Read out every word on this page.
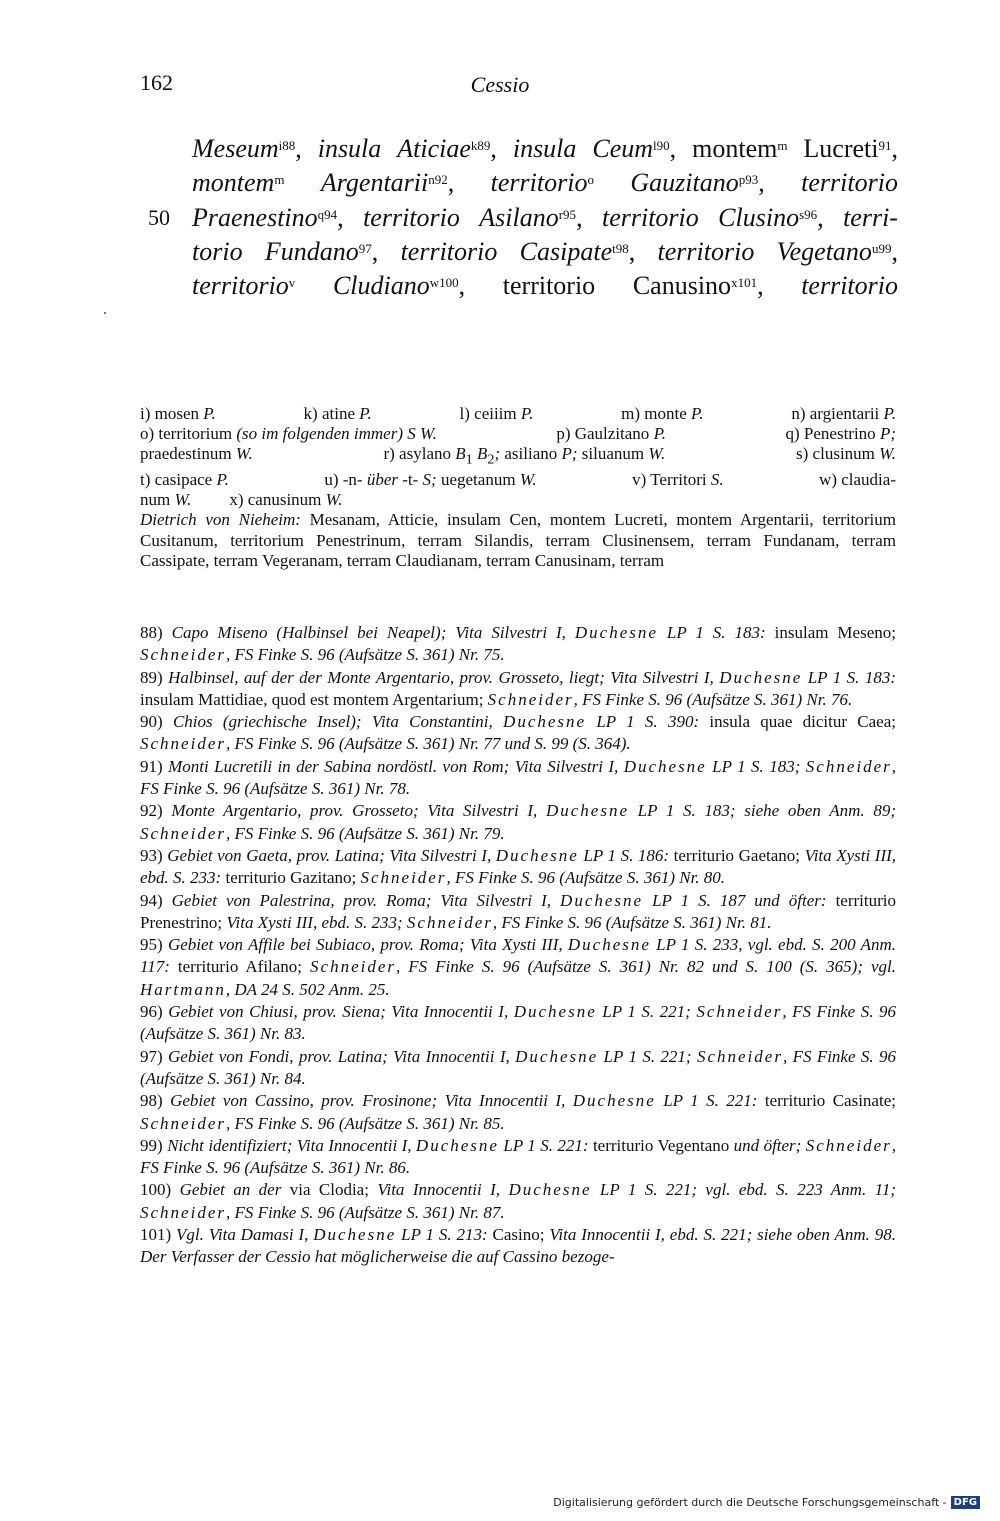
162	Cessio
50
Meseum$^{i88}$, insula Aticiae$^{k89}$, insula Ceum$^{l90}$, montem$^m$ Lucreti$^{91}$,
montem$^m$ Argentarii$^{n92}$, territorio$^o$ Gauzitano$^{p93}$, territorio
Praenestino$^{q94}$, territorio Asilano$^{r95}$, territorio Clusino$^{s96}$, terri-
torio Fundano$^{97}$, territorio Casipate$^{t98}$, territorio Vegetano$^{u99}$,
territorio$^v$ Cludiano$^{w100}$, territorio Canusino$^{x101}$, territorio
i) mosen P.	k) atine P.	l) ceiiim P.	m) monte P.	n) argientarii P.
o) territorium (so im folgenden immer) S W.	p) Gaulzitano P.	q) Penestrino P;
praedestinum W.	r) asylano $B_1$ $B_2$; asiliano P; siluanum W.	s) clusinum W.
t) casipace P.	u) -n- über -t- S; uegetanum W.	v) Territori S.	w) claudia-
num W. x) canusinum W.
Dietrich von Nieheim: Mesanam, Atticie, insulam Cen, montem Lucreti, montem Argentarii, territorium Cusitanum, territorium Penestrinum, terram Silandis, terram Clusinensem, terram Fundanam, terram Cassipate, terram Vegeranam, terram Claudianam, terram Canusinam, terram

88) Capo Miseno (Halbinsel bei Neapel); Vita Silvestri I, Duchesne LP 1 S. 183: insulam Meseno; Schneider, FS Finke S. 96 (Aufsätze S. 361) Nr. 75.

89) Halbinsel, auf der der Monte Argentario, prov. Grosseto, liegt; Vita Silvestri I, Duchesne LP 1 S. 183: insulam Mattidiae, quod est montem Argentarium; Schneider, FS Finke S. 96 (Aufsätze S. 361) Nr. 76.

90) Chios (griechische Insel); Vita Constantini, Duchesne LP 1 S. 390: insula quae dicitur Caea; Schneider, FS Finke S. 96 (Aufsätze S. 361) Nr. 77 und S. 99 (S. 364).

91) Monti Lucretili in der Sabina nordöstl. von Rom; Vita Silvestri I, Duchesne LP 1 S. 183; Schneider, FS Finke S. 96 (Aufsätze S. 361) Nr. 78.

92) Monte Argentario, prov. Grosseto; Vita Silvestri I, Duchesne LP 1 S. 183; siehe oben Anm. 89; Schneider, FS Finke S. 96 (Aufsätze S. 361) Nr. 79.

93) Gebiet von Gaeta, prov. Latina; Vita Silvestri I, Duchesne LP 1 S. 186: territurio Gaetano; Vita Xysti III, ebd. S. 233: territurio Gazitano; Schneider, FS Finke S. 96 (Aufsätze S. 361) Nr. 80.

94) Gebiet von Palestrina, prov. Roma; Vita Silvestri I, Duchesne LP 1 S. 187 und öfter: territurio Prenestrino; Vita Xysti III, ebd. S. 233; Schneider, FS Finke S. 96 (Aufsätze S. 361) Nr. 81.

95) Gebiet von Affile bei Subiaco, prov. Roma; Vita Xysti III, Duchesne LP 1 S. 233, vgl. ebd. S. 200 Anm. 117: territurio Afilano; Schneider, FS Finke S. 96 (Aufsätze S. 361) Nr. 82 und S. 100 (S. 365); vgl. Hartmann, DA 24 S. 502 Anm. 25.

96) Gebiet von Chiusi, prov. Siena; Vita Innocentii I, Duchesne LP 1 S. 221; Schneider, FS Finke S. 96 (Aufsätze S. 361) Nr. 83.

97) Gebiet von Fondi, prov. Latina; Vita Innocentii I, Duchesne LP 1 S. 221; Schneider, FS Finke S. 96 (Aufsätze S. 361) Nr. 84.

98) Gebiet von Cassino, prov. Frosinone; Vita Innocentii I, Duchesne LP 1 S. 221: territurio Casinate; Schneider, FS Finke S. 96 (Aufsätze S. 361) Nr. 85.

99) Nicht identifiziert; Vita Innocentii I, Duchesne LP 1 S. 221: territurio Vegentano und öfter; Schneider, FS Finke S. 96 (Aufsätze S. 361) Nr. 86.

100) Gebiet an der via Clodia; Vita Innocentii I, Duchesne LP 1 S. 221; vgl. ebd. S. 223 Anm. 11; Schneider, FS Finke S. 96 (Aufsätze S. 361) Nr. 87.

101) Vgl. Vita Damasi I, Duchesne LP 1 S. 213: Casino; Vita Innocentii I, ebd. S. 221; siehe oben Anm. 98. Der Verfasser der Cessio hat möglicherweise die auf Cassino bezoge-

Digitalisierung gefördert durch die Deutsche Forschungsgemeinschaft - DFG
